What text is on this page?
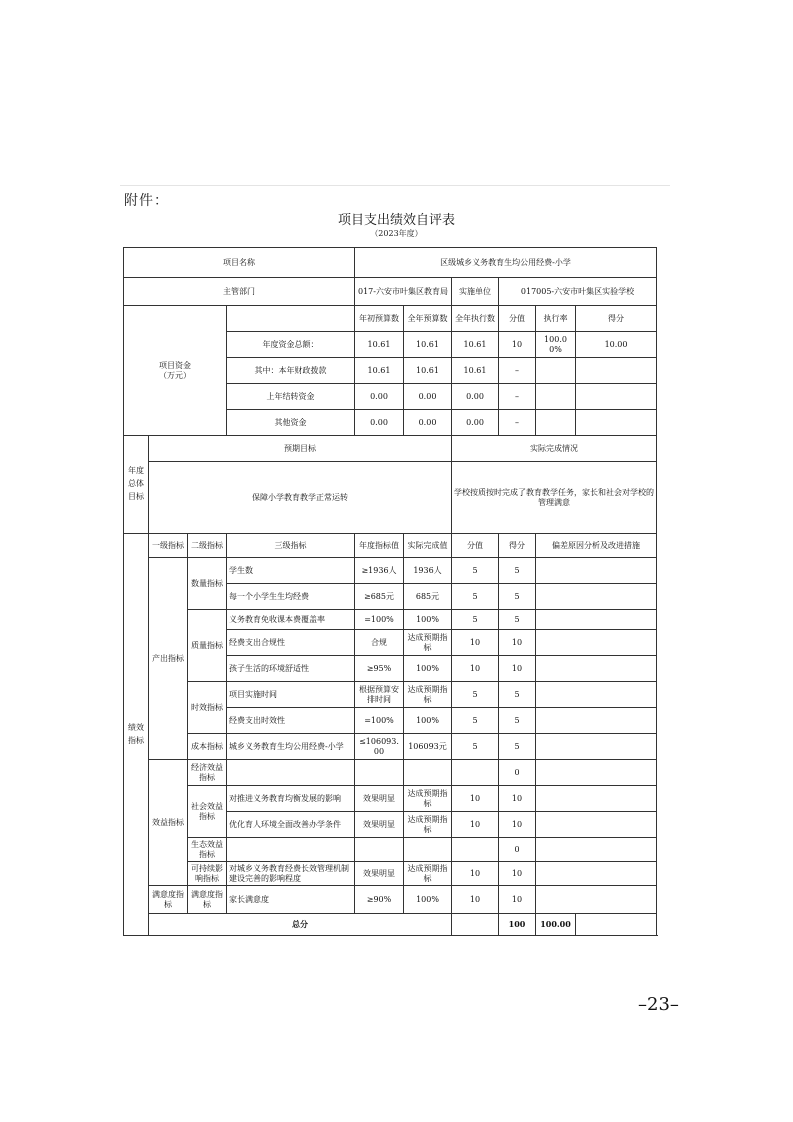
附件：
项目支出绩效自评表
（2023年度）
项目名称				区级城乡义务教育生均公用经费-小学					
主管部门				017-六安市叶集区教育局		实施单位	017005-六安市叶集区实验学校		
项目资金
（万元）				年初预算数	全年预算数	全年执行数	分值	执行率	得分
			年度资金总额：	10.61	10.61	10.61	10	100.00%	10.00
			其中：本年财政拨款	10.61	10.61	10.61	–		
			上年结转资金	0.00	0.00	0.00	–		
			其他资金	0.00	0.00	0.00	–		
年度总体目标	预期目标					实际完成情况			
	保障小学教育教学正常运转					学校按质按时完成了教育教学任务，家长和社会对学校的管理满意			
绩效指标	一级指标	二级指标	三级指标	年度指标值	实际完成值	分值	得分	偏差原因分析及改进措施	
	产出指标	数量指标	学生数	≥1936人	1936人	5	5		
			每一个小学生生均经费	≥685元	685元	5	5		
		质量指标	义务教育免收课本费覆盖率	=100%	100%	5	5		
			经费支出合规性	合规	达成预期指标	10	10		
			孩子生活的环境舒适性	≥95%	100%	10	10		
		时效指标	项目实施时间	根据预算安排时间	达成预期指标	5	5		
			经费支出时效性	=100%	100%	5	5		
		成本指标	城乡义务教育生均公用经费-小学	≤106093.00	106093元	5	5		
	效益指标	经济效益指标					0		
		社会效益指标	对推进义务教育均衡发展的影响	效果明显	达成预期指标	10	10		
			优化育人环境全面改善办学条件	效果明显	达成预期指标	10	10		
		生态效益指标					0		
		可持续影响指标	对城乡义务教育经费长效管理机制建设完善的影响程度	效果明显	达成预期指标	10	10		
	满意度指标	满意度指标	家长满意度	≥90%	100%	10	10		
	总分						100	100.00	
–23–
